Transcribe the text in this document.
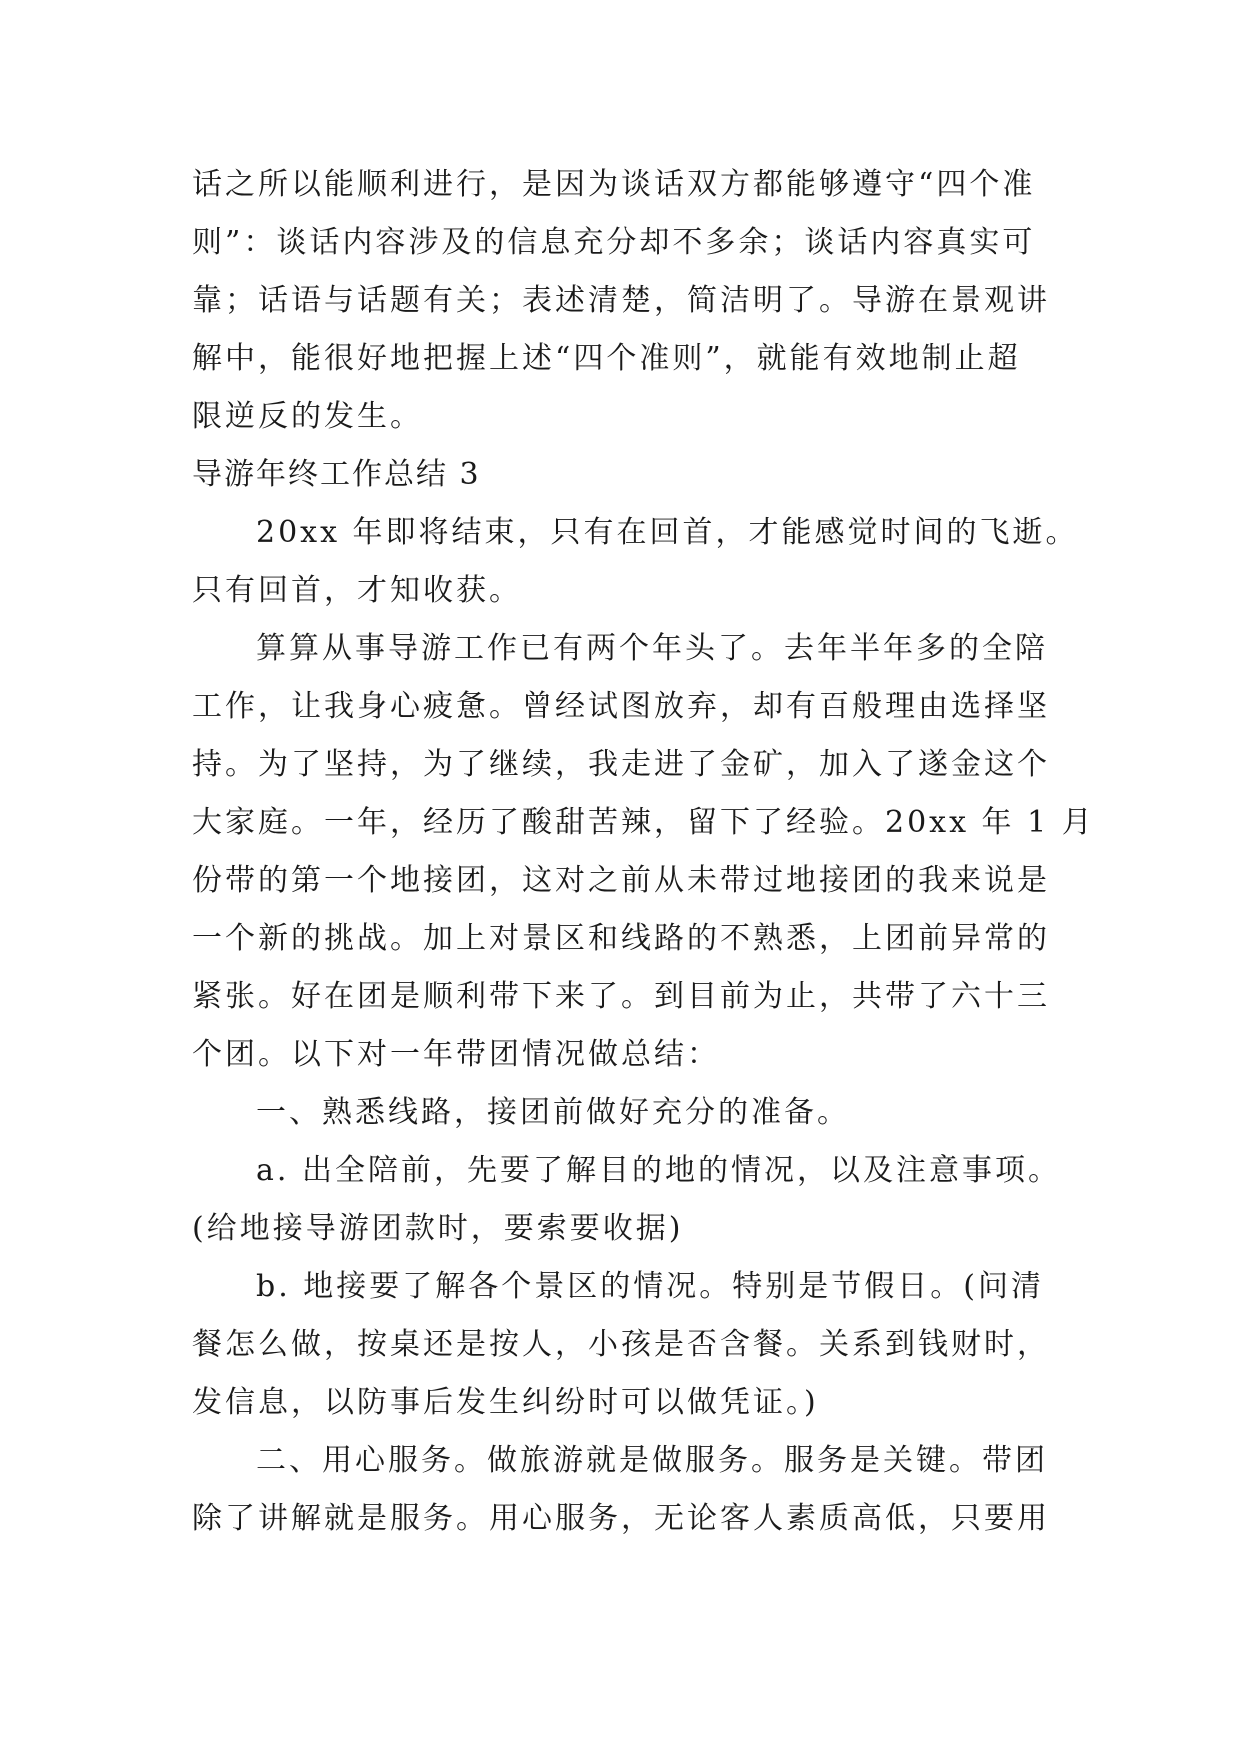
话之所以能顺利进行，是因为谈话双方都能够遵守“四个准
则”：谈话内容涉及的信息充分却不多余；谈话内容真实可
靠；话语与话题有关；表述清楚，简洁明了。导游在景观讲
解中，能很好地把握上述“四个准则”，就能有效地制止超
限逆反的发生。
导游年终工作总结 3
20xx 年即将结束，只有在回首，才能感觉时间的飞逝。
只有回首，才知收获。
算算从事导游工作已有两个年头了。去年半年多的全陪
工作，让我身心疲惫。曾经试图放弃，却有百般理由选择坚
持。为了坚持，为了继续，我走进了金矿，加入了遂金这个
大家庭。一年，经历了酸甜苦辣，留下了经验。20xx 年 1 月
份带的第一个地接团，这对之前从未带过地接团的我来说是
一个新的挑战。加上对景区和线路的不熟悉，上团前异常的
紧张。好在团是顺利带下来了。到目前为止，共带了六十三
个团。以下对一年带团情况做总结：
一、熟悉线路，接团前做好充分的准备。
a. 出全陪前，先要了解目的地的情况，以及注意事项。
(给地接导游团款时，要索要收据)
b. 地接要了解各个景区的情况。特别是节假日。(问清
餐怎么做，按桌还是按人，小孩是否含餐。关系到钱财时，
发信息，以防事后发生纠纷时可以做凭证。)
二、用心服务。做旅游就是做服务。服务是关键。带团
除了讲解就是服务。用心服务，无论客人素质高低，只要用
